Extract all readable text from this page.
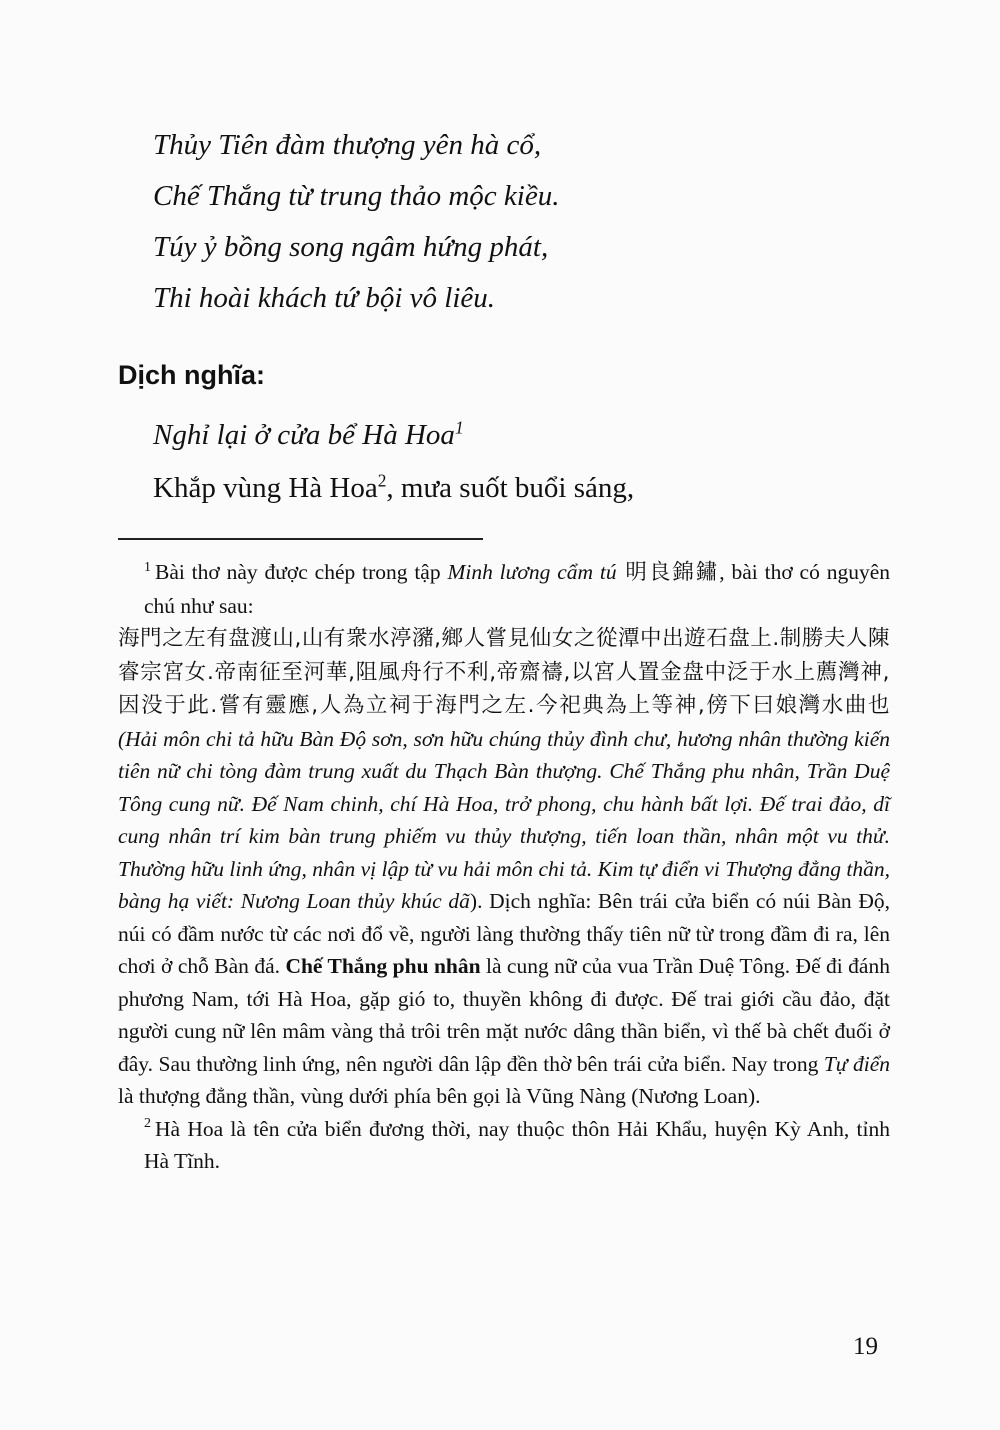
Thủy Tiên đàm thượng yên hà cổ,
Chế Thắng từ trung thảo mộc kiều.
Túy ỷ bồng song ngâm hứng phát,
Thi hoài khách tứ bội vô liêu.
Dịch nghĩa:
Nghỉ lại ở cửa bể Hà Hoa$^1$
Khắp vùng Hà Hoa$^2$, mưa suốt buổi sáng,

$^1$ Bài thơ này được chép trong tập Minh lương cẩm tú 明良錦鏽, bài thơ có nguyên chú như sau:

海門之左有盘渡山,山有衆水渟瀦,鄉人嘗見仙女之從潭中出遊石盘上.制勝夫人陳睿宗宮女.帝南征至河華,阻風舟行不利,帝齋禱,以宮人置金盘中泛于水上薦灣神,因没于此.嘗有靈應,人為立祠于海門之左.今祀典為上等神,傍下曰娘灣水曲也 (Hải môn chi tả hữu Bàn Độ sơn, sơn hữu chúng thủy đình chư, hương nhân thường kiến tiên nữ chi tòng đàm trung xuất du Thạch Bàn thượng. Chế Thắng phu nhân, Trần Duệ Tông cung nữ. Đế Nam chinh, chí Hà Hoa, trở phong, chu hành bất lợi. Đế trai đảo, dĩ cung nhân trí kim bàn trung phiếm vu thủy thượng, tiến loan thần, nhân một vu thử. Thường hữu linh ứng, nhân vị lập từ vu hải môn chi tả. Kim tự điển vi Thượng đẳng thần, bàng hạ viết: Nương Loan thủy khúc dã). Dịch nghĩa: Bên trái cửa biển có núi Bàn Độ, núi có đầm nước từ các nơi đổ về, người làng thường thấy tiên nữ từ trong đầm đi ra, lên chơi ở chỗ Bàn đá. Chế Thắng phu nhân là cung nữ của vua Trần Duệ Tông. Đế đi đánh phương Nam, tới Hà Hoa, gặp gió to, thuyền không đi được. Đế trai giới cầu đảo, đặt người cung nữ lên mâm vàng thả trôi trên mặt nước dâng thần biển, vì thế bà chết đuối ở đây. Sau thường linh ứng, nên người dân lập đền thờ bên trái cửa biển. Nay trong Tự điển là thượng đẳng thần, vùng dưới phía bên gọi là Vũng Nàng (Nương Loan).

$^2$ Hà Hoa là tên cửa biển đương thời, nay thuộc thôn Hải Khẩu, huyện Kỳ Anh, tỉnh Hà Tĩnh.

19
